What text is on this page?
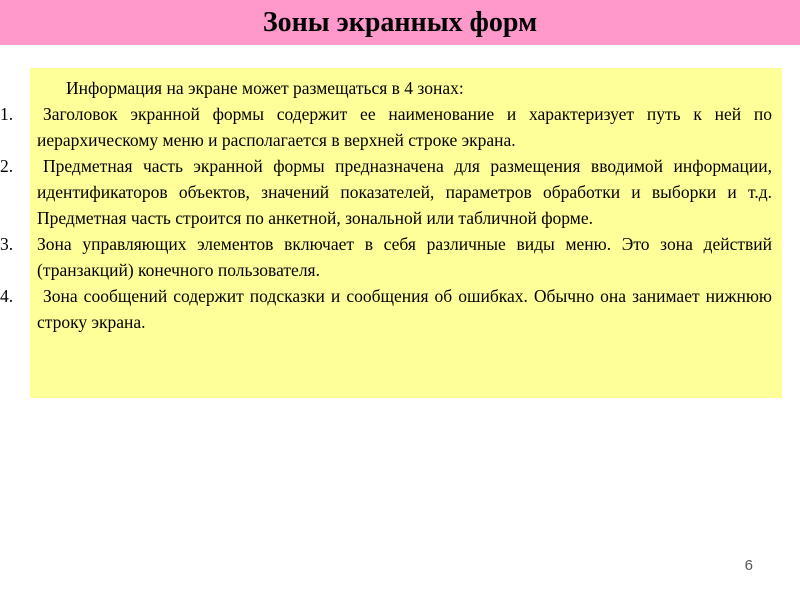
Зоны экранных форм

Информация на экране может размещаться в 4 зонах:

1.	Заголовок экранной формы содержит ее наименование и характеризует путь к ней по иерархическому меню и располагается в верхней строке экрана.
2.	Предметная часть экранной формы предназначена для размещения вводимой информации, идентификаторов объектов, значений показателей, параметров обработки и выборки и т.д. Предметная часть строится по анкетной, зональной или табличной форме.
3.	Зона управляющих элементов включает в себя различные виды меню. Это зона действий (транзакций) конечного пользователя.
4.	Зона сообщений содержит подсказки и сообщения об ошибках. Обычно она занимает нижнюю строку экрана.
6
